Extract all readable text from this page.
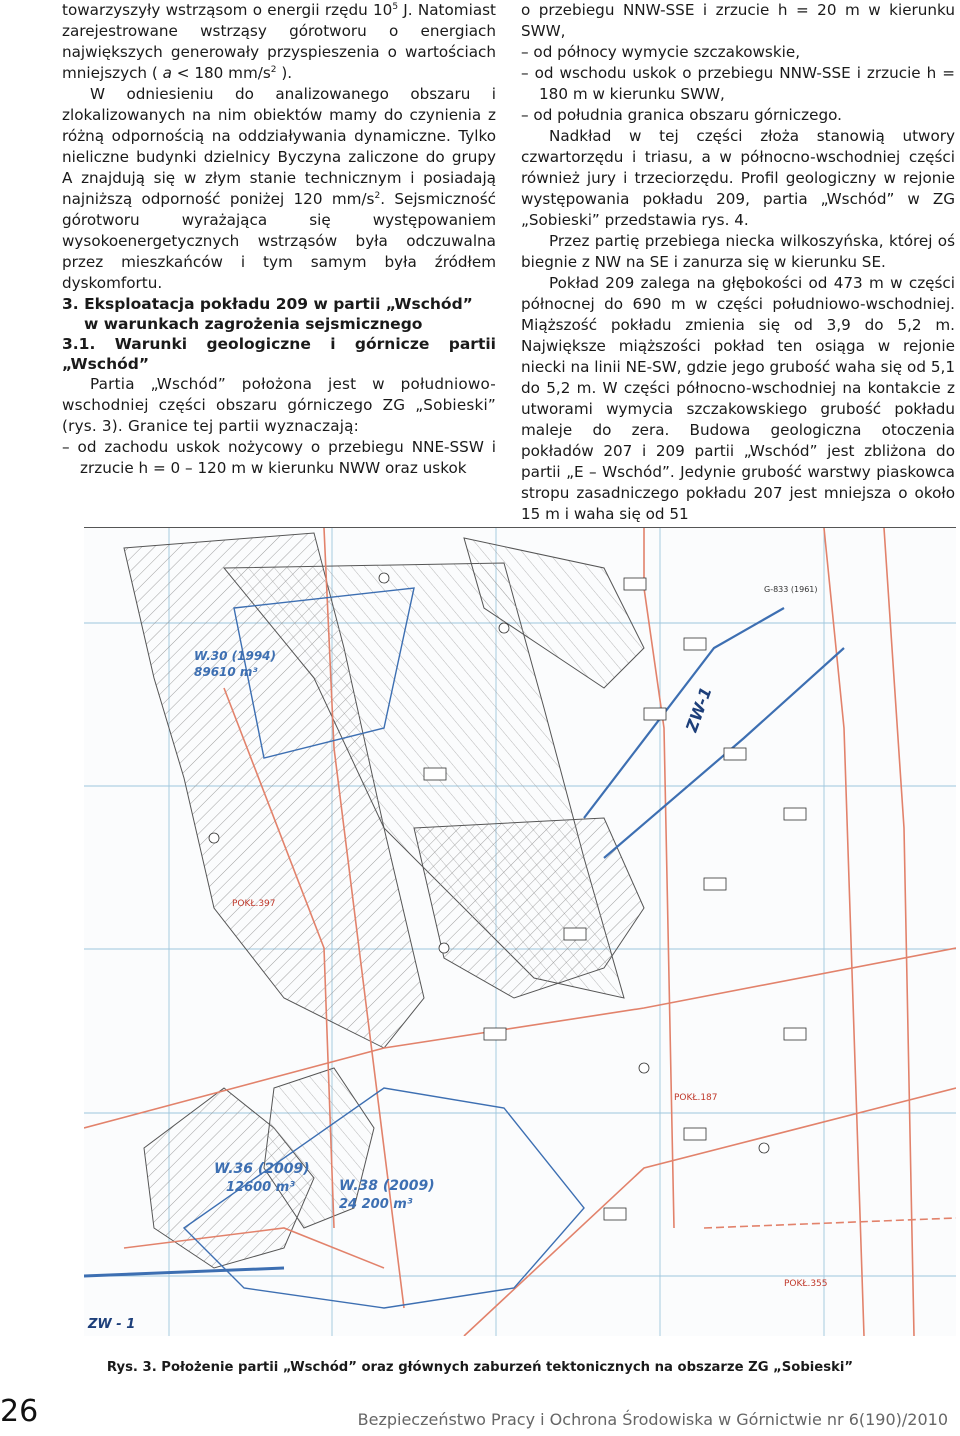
towarzyszyły wstrząsom o energii rzędu $10^5$ J. Natomiast zarejestrowane wstrząsy górotworu o energiach największych generowały przyspieszenia o wartościach mniejszych ( a < 180 $mm/s^2$ ).

W odniesieniu do analizowanego obszaru i zlokalizowanych na nim obiektów mamy do czynienia z różną odpornością na oddziaływania dynamiczne. Tylko nieliczne budynki dzielnicy Byczyna zaliczone do grupy A znajdują się w złym stanie technicznym i posiadają najniższą odporność poniżej 120 $mm/s^2$. Sejsmiczność górotworu wyrażająca się występowaniem wysokoenergetycznych wstrząsów była odczuwalna przez mieszkańców i tym samym była źródłem dyskomfortu.

3. Eksploatacja pokładu 209 w partii „Wschód”
w warunkach zagrożenia sejsmicznego

3.1. Warunki geologiczne i górnicze partii „Wschód”

Partia „Wschód” położona jest w południowo-wschodniej części obszaru górniczego ZG „Sobieski” (rys. 3). Granice tej partii wyznaczają:

– od zachodu uskok nożycowy o przebiegu NNE-SSW i zrzucie h = 0 – 120 m w kierunku NWW oraz uskok

o przebiegu NNW-SSE i zrzucie h = 20 m w kierunku SWW,

– od północy wymycie szczakowskie,

– od wschodu uskok o przebiegu NNW-SSE i zrzucie h = 180 m w kierunku SWW,

– od południa granica obszaru górniczego.

Nadkład w tej części złoża stanowią utwory czwartorzędu i triasu, a w północno-wschodniej części również jury i trzeciorzędu. Profil geologiczny w rejonie występowania pokładu 209, partia „Wschód” w ZG „Sobieski” przedstawia rys. 4.

Przez partię przebiega niecka wilkoszyńska, której oś biegnie z NW na SE i zanurza się w kierunku SE.

Pokład 209 zalega na głębokości od 473 m w części północnej do 690 m w części południowo-wschodniej. Miąższość pokładu zmienia się od 3,9 do 5,2 m. Największe miąższości pokład ten osiąga w rejonie niecki na linii NE-SW, gdzie jego grubość waha się od 5,1 do 5,2 m. W części północno-wschodniej na kontakcie z utworami wymycia szczakowskiego grubość pokładu maleje do zera. Budowa geologiczna otoczenia pokładów 207 i 209 partii „Wschód” jest zbliżona do partii „E – Wschód”. Jedynie grubość warstwy piaskowca stropu zasadniczego pokładu 207 jest mniejsza o około 15 m i waha się od 51

W.30 (1994)
89610 m³
W.36 (2009)
12600 m³	W.38 (2009)
24 200 m³
ZW-1
ZW - 1
POKŁ.397
POKŁ.187
POKŁ.355
G-833 (1961)
Rys. 3. Położenie partii „Wschód” oraz głównych zaburzeń tektonicznych na obszarze ZG „Sobieski”
26	Bezpieczeństwo Pracy i Ochrona Środowiska w Górnictwie nr 6(190)/2010
